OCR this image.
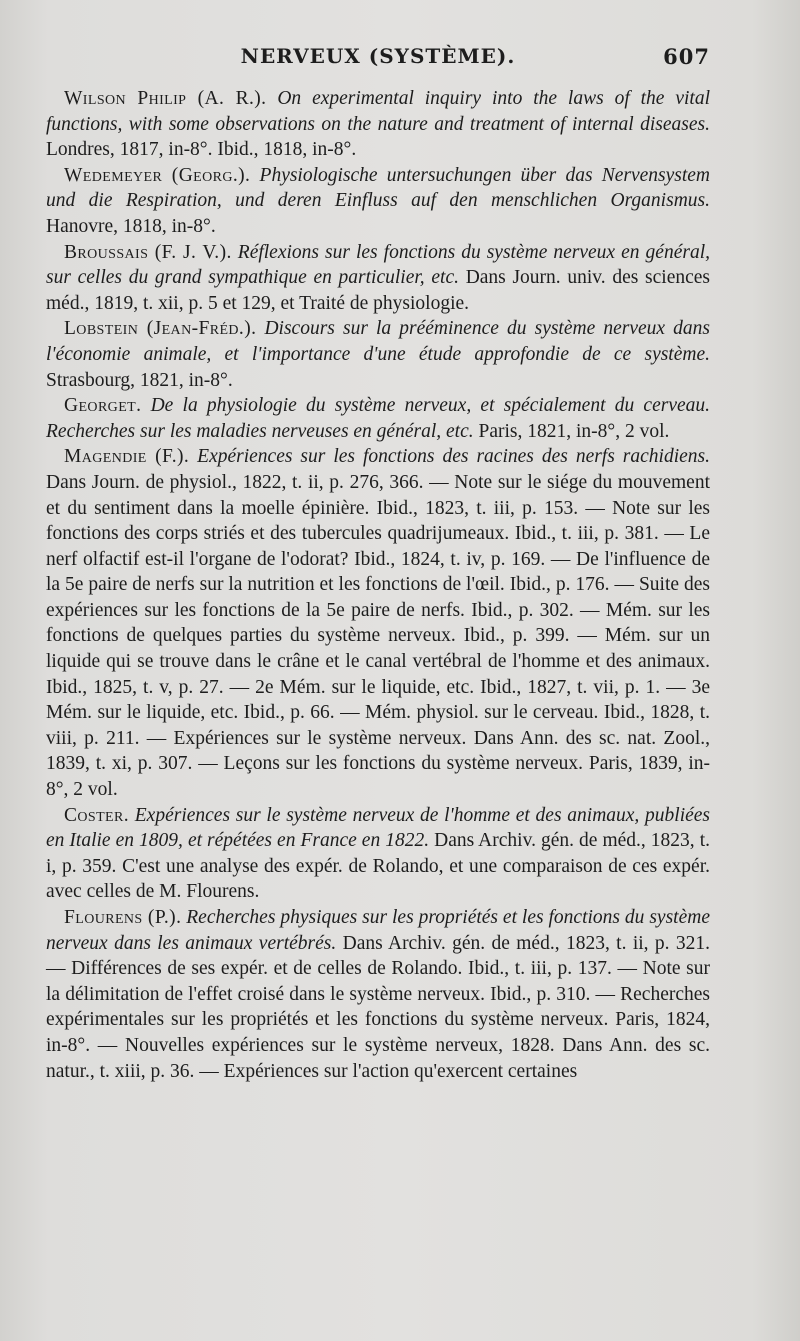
NERVEUX (SYSTÈME).	607

Wilson Philip (A. R.). On experimental inquiry into the laws of the vital functions, with some observations on the nature and treatment of internal diseases. Londres, 1817, in-8°. Ibid., 1818, in-8°.

Wedemeyer (Georg.). Physiologische untersuchungen über das Nervensystem und die Respiration, und deren Einfluss auf den menschlichen Organismus. Hanovre, 1818, in-8°.

Broussais (F. J. V.). Réflexions sur les fonctions du système nerveux en général, sur celles du grand sympathique en particulier, etc. Dans Journ. univ. des sciences méd., 1819, t. xii, p. 5 et 129, et Traité de physiologie.

Lobstein (Jean-Fréd.). Discours sur la prééminence du système nerveux dans l'économie animale, et l'importance d'une étude approfondie de ce système. Strasbourg, 1821, in-8°.

Georget. De la physiologie du système nerveux, et spécialement du cerveau. Recherches sur les maladies nerveuses en général, etc. Paris, 1821, in-8°, 2 vol.

Magendie (F.). Expériences sur les fonctions des racines des nerfs rachidiens. Dans Journ. de physiol., 1822, t. ii, p. 276, 366. — Note sur le siége du mouvement et du sentiment dans la moelle épinière. Ibid., 1823, t. iii, p. 153. — Note sur les fonctions des corps striés et des tubercules quadrijumeaux. Ibid., t. iii, p. 381. — Le nerf olfactif est-il l'organe de l'odorat? Ibid., 1824, t. iv, p. 169. — De l'influence de la 5e paire de nerfs sur la nutrition et les fonctions de l'œil. Ibid., p. 176. — Suite des expériences sur les fonctions de la 5e paire de nerfs. Ibid., p. 302. — Mém. sur les fonctions de quelques parties du système nerveux. Ibid., p. 399. — Mém. sur un liquide qui se trouve dans le crâne et le canal vertébral de l'homme et des animaux. Ibid., 1825, t. v, p. 27. — 2e Mém. sur le liquide, etc. Ibid., 1827, t. vii, p. 1. — 3e Mém. sur le liquide, etc. Ibid., p. 66. — Mém. physiol. sur le cerveau. Ibid., 1828, t. viii, p. 211. — Expériences sur le système nerveux. Dans Ann. des sc. nat. Zool., 1839, t. xi, p. 307. — Leçons sur les fonctions du système nerveux. Paris, 1839, in-8°, 2 vol.

Coster. Expériences sur le système nerveux de l'homme et des animaux, publiées en Italie en 1809, et répétées en France en 1822. Dans Archiv. gén. de méd., 1823, t. i, p. 359. C'est une analyse des expér. de Rolando, et une comparaison de ces expér. avec celles de M. Flourens.

Flourens (P.). Recherches physiques sur les propriétés et les fonctions du système nerveux dans les animaux vertébrés. Dans Archiv. gén. de méd., 1823, t. ii, p. 321. — Différences de ses expér. et de celles de Rolando. Ibid., t. iii, p. 137. — Note sur la délimitation de l'effet croisé dans le système nerveux. Ibid., p. 310. — Recherches expérimentales sur les propriétés et les fonctions du système nerveux. Paris, 1824, in-8°. — Nouvelles expériences sur le système nerveux, 1828. Dans Ann. des sc. natur., t. xiii, p. 36. — Expériences sur l'action qu'exercent certaines
